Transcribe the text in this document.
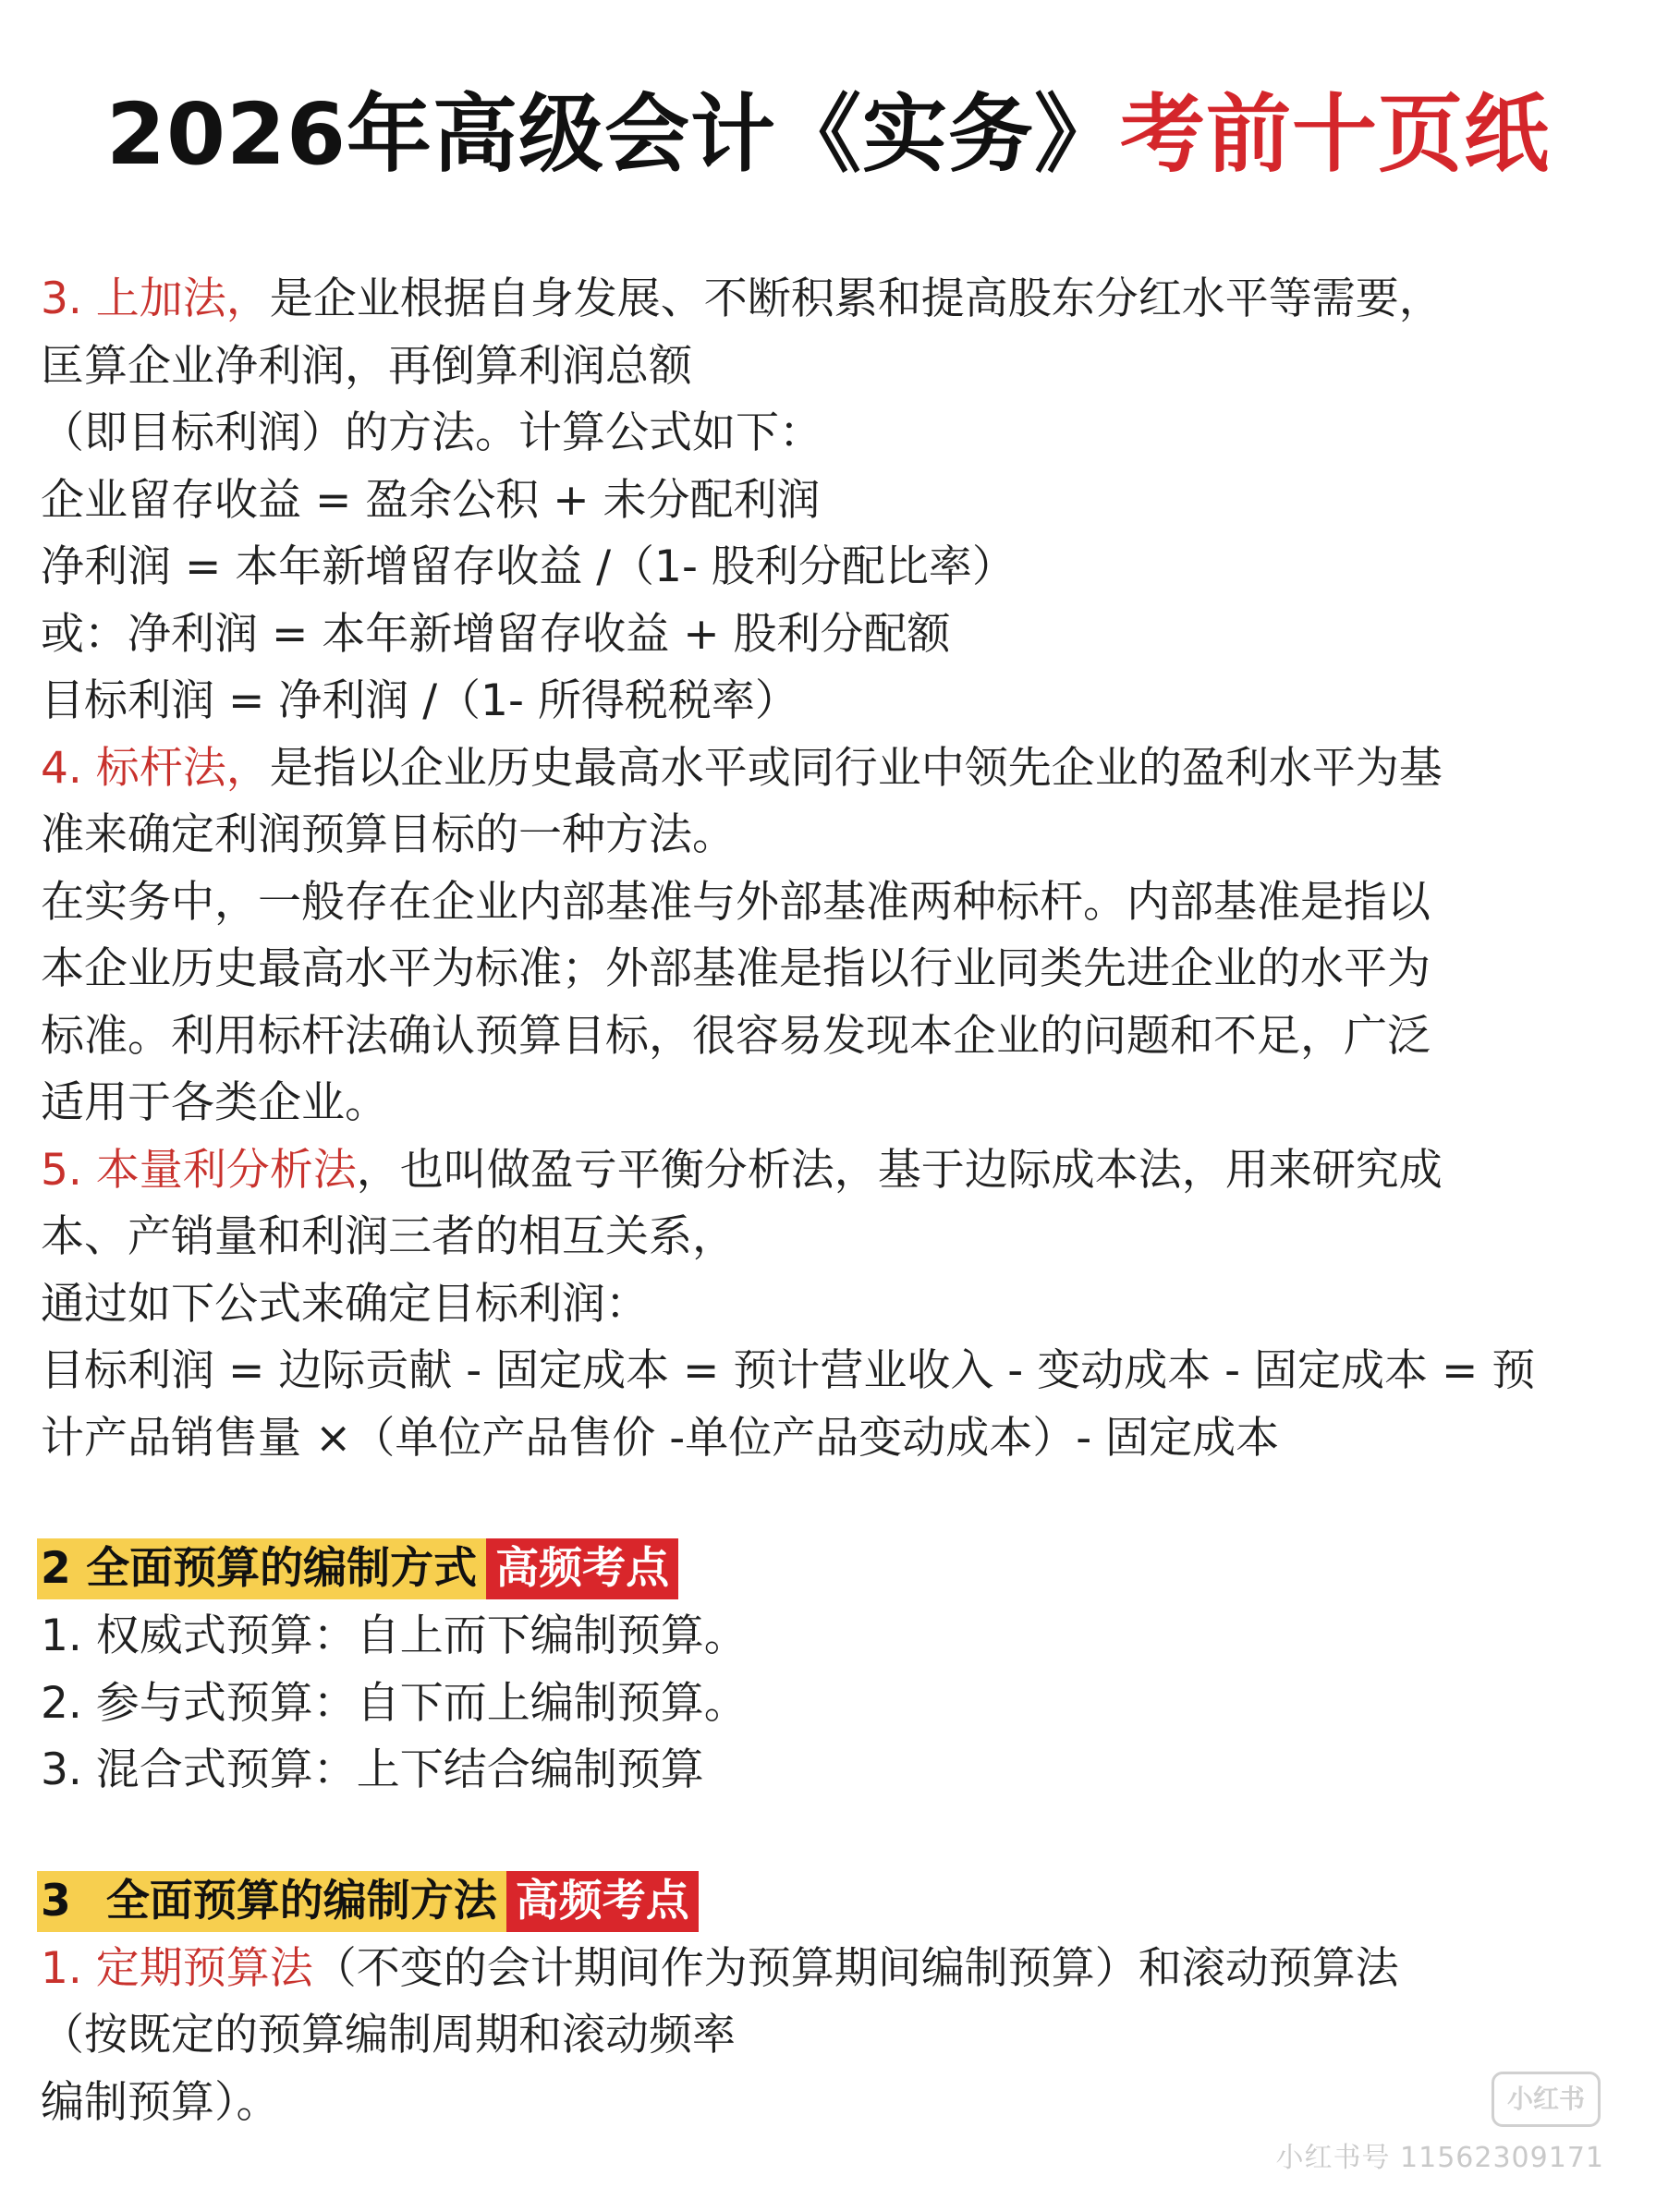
2026年高级会计《实务》考前十页纸
3. 上加法，是企业根据自身发展、不断积累和提高股东分红水平等需要，
匡算企业净利润，再倒算利润总额
（即目标利润）的方法。计算公式如下：
企业留存收益 = 盈余公积 + 未分配利润
净利润 = 本年新增留存收益 /（1- 股利分配比率）
或：净利润 = 本年新增留存收益 + 股利分配额
目标利润 = 净利润 /（1- 所得税税率）
4. 标杆法，是指以企业历史最高水平或同行业中领先企业的盈利水平为基
准来确定利润预算目标的一种方法。
在实务中，一般存在企业内部基准与外部基准两种标杆。内部基准是指以
本企业历史最高水平为标准；外部基准是指以行业同类先进企业的水平为
标准。利用标杆法确认预算目标，很容易发现本企业的问题和不足，广泛
适用于各类企业。
5. 本量利分析法，也叫做盈亏平衡分析法，基于边际成本法，用来研究成
本、产销量和利润三者的相互关系，
通过如下公式来确定目标利润：
目标利润 = 边际贡献 - 固定成本 = 预计营业收入 - 变动成本 - 固定成本 = 预
计产品销售量 ×（单位产品售价 -单位产品变动成本）- 固定成本
2 全面预算的编制方式 高频考点
1. 权威式预算：自上而下编制预算。
2. 参与式预算：自下而上编制预算。
3. 混合式预算：上下结合编制预算
3 全面预算的编制方法 高频考点
1. 定期预算法（不变的会计期间作为预算期间编制预算）和滚动预算法
（按既定的预算编制周期和滚动频率
编制预算）。	小红书
小红书号 11562309171
